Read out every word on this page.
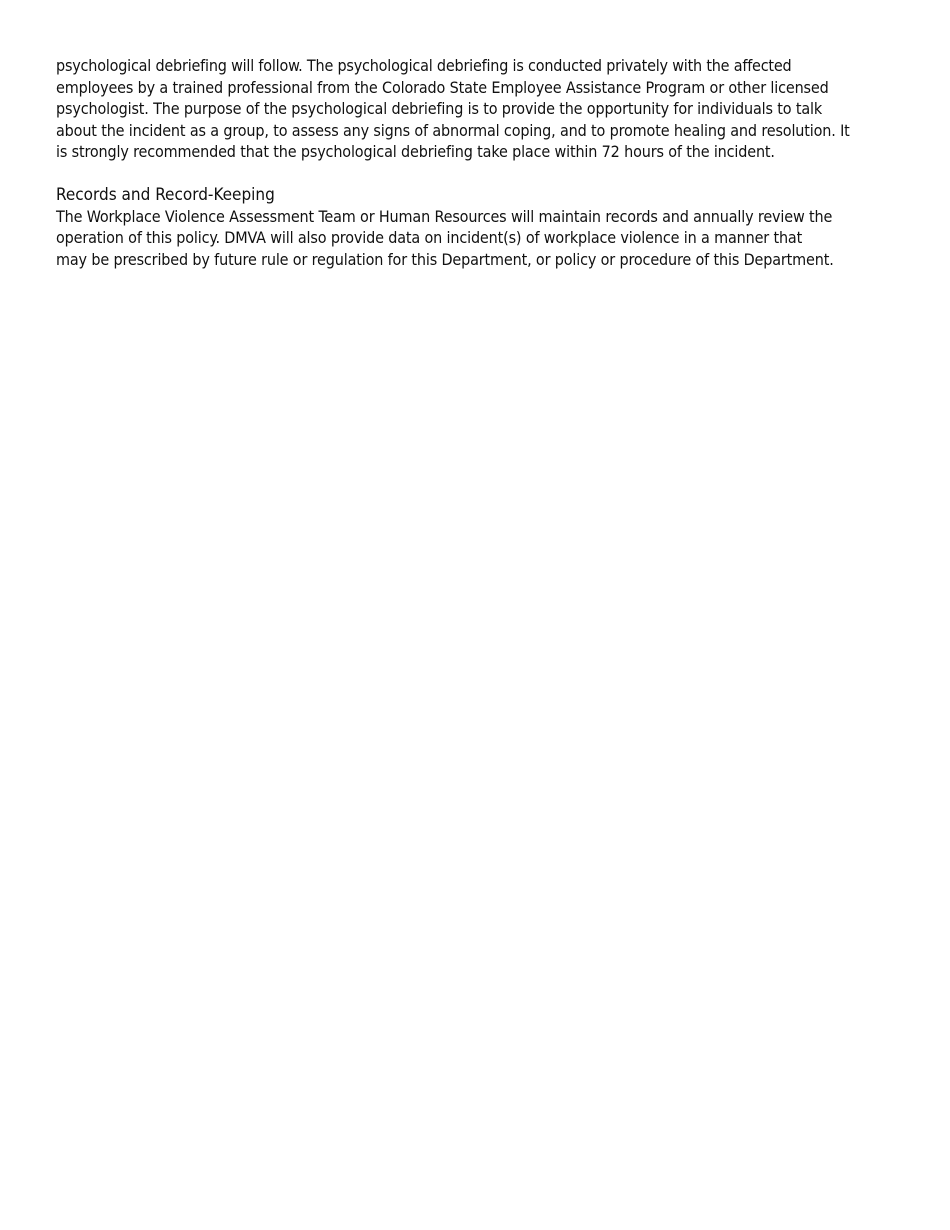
psychological debriefing will follow. The psychological debriefing is conducted privately with the affected
employees by a trained professional from the Colorado State Employee Assistance Program or other licensed
psychologist. The purpose of the psychological debriefing is to provide the opportunity for individuals to talk
about the incident as a group, to assess any signs of abnormal coping, and to promote healing and resolution. It
is strongly recommended that the psychological debriefing take place within 72 hours of the incident.
Records and Record-Keeping
The Workplace Violence Assessment Team or Human Resources will maintain records and annually review the
operation of this policy. DMVA will also provide data on incident(s) of workplace violence in a manner that
may be prescribed by future rule or regulation for this Department, or policy or procedure of this Department.
